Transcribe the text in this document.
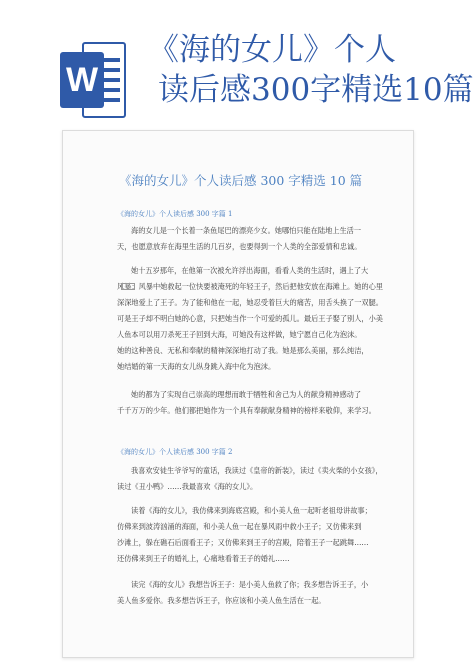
W
《海的女儿》个人
读后感300字精选10篇
《海的女儿》个人读后感 300 字精选 10 篇
《海的女儿》个人读后感 300 字篇 1
海的女儿是一个长着一条鱼尾巴的漂亮少女。她哪怕只能在陆地上生活一
天，也愿意放弃在海里生活的几百岁，也要得到一个人类的全部爱情和忠诚。
她十五岁那年，在他第一次被允许浮出海面，看看人类的生活时，遇上了大
风暴：风暴中她救起一位快要被淹死的年轻王子，然后把他安放在海滩上。她的心里
深深地爱上了王子。为了能和他在一起，她忍受着巨大的痛苦，用舌头换了一双腿。
可是王子却不明白她的心意，只把她当作一个可爱的孤儿。最后王子娶了别人，小美
人鱼本可以用刀杀死王子回到大海，可她没有这样做，她宁愿自己化为泡沫。
她的这种善良、无私和奉献的精神深深地打动了我。她是那么美丽，那么纯洁，
她结婚的第一天海的女儿纵身跳入海中化为泡沫。
她的都为了实现自己崇高的理想而敢于牺牲和舍己为人的献身精神感动了
千千万万的少年。他们都把她作为一个具有奉献献身精神的榜样来敬仰，来学习。
《海的女儿》个人读后感 300 字篇 2
我喜欢安徒生爷爷写的童话，我读过《皇帝的新装》，读过《卖火柴的小女孩》，
读过《丑小鸭》……我最喜欢《海的女儿》。
读着《海的女儿》，我仿佛来到海底宫殿，和小美人鱼一起听老祖母讲故事；
仿佛来到波涛汹涌的海面，和小美人鱼一起在暴风雨中救小王子；又仿佛来到
沙滩上，躲在礁石后面看王子；又仿佛来到王子的宫殿，陪着王子一起跳舞……
还仿佛来到王子的婚礼上，心痛地看着王子的婚礼……
读完《海的女儿》我想告诉王子：是小美人鱼救了你；我多想告诉王子，小
美人鱼多爱你。我多想告诉王子，你应该和小美人鱼生活在一起。
